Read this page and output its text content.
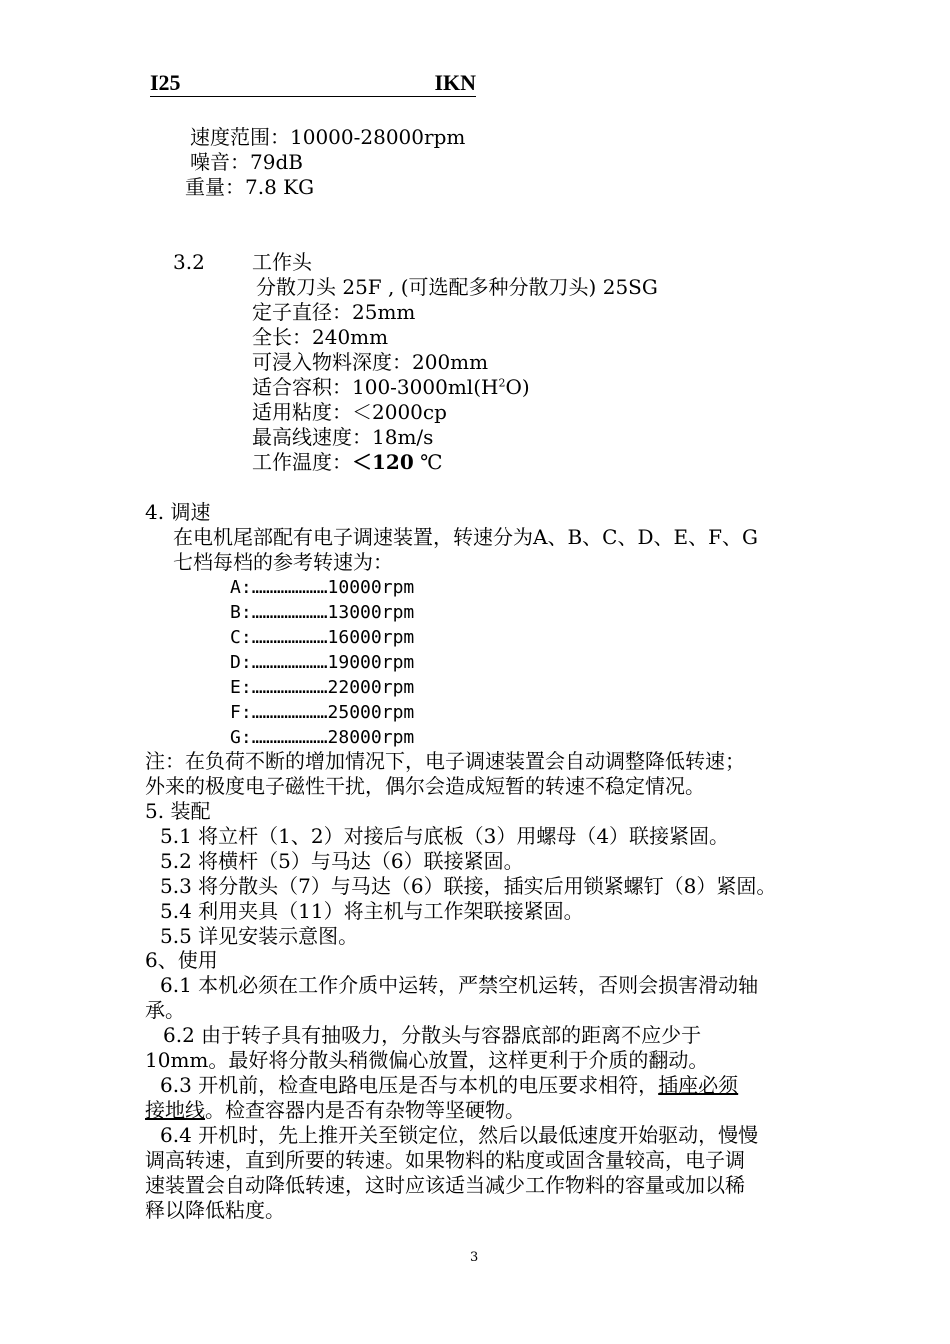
I25	IKN
速度范围：10000-28000rpm
噪音：79dB
重量：7.8 KG
3.2 工作头
分散刀头 25F , (可选配多种分散刀头) 25SG
定子直径：25mm
全长：240mm
可浸入物料深度：200mm
适合容积：$100-3000ml(H^2O)$
适用粘度：＜2000cp
最高线速度：18m/s
工作温度：＜120 ℃
4. 调速
在电机尾部配有电子调速装置，转速分为A、B、C、D、E、F、G
七档每档的参考转速为：
A:…………………10000rpm
B:…………………13000rpm
C:…………………16000rpm
D:…………………19000rpm
E:…………………22000rpm
F:…………………25000rpm
G:…………………28000rpm
注：在负荷不断的增加情况下，电子调速装置会自动调整降低转速；
外来的极度电子磁性干扰，偶尔会造成短暂的转速不稳定情况。
5. 装配
5.1 将立杆（1、2）对接后与底板（3）用螺母（4）联接紧固。
5.2 将横杆（5）与马达（6）联接紧固。
5.3 将分散头（7）与马达（6）联接，插实后用锁紧螺钉（8）紧固。
5.4 利用夹具（11）将主机与工作架联接紧固。
5.5 详见安装示意图。
6、使用
6.1 本机必须在工作介质中运转，严禁空机运转，否则会损害滑动轴
承。
6.2 由于转子具有抽吸力，分散头与容器底部的距离不应少于
10mm。最好将分散头稍微偏心放置，这样更利于介质的翻动。
6.3 开机前，检查电路电压是否与本机的电压要求相符，插座必须
接地线。检查容器内是否有杂物等坚硬物。
6.4 开机时，先上推开关至锁定位，然后以最低速度开始驱动，慢慢
调高转速，直到所要的转速。如果物料的粘度或固含量较高，电子调
速装置会自动降低转速，这时应该适当减少工作物料的容量或加以稀
释以降低粘度。
3
